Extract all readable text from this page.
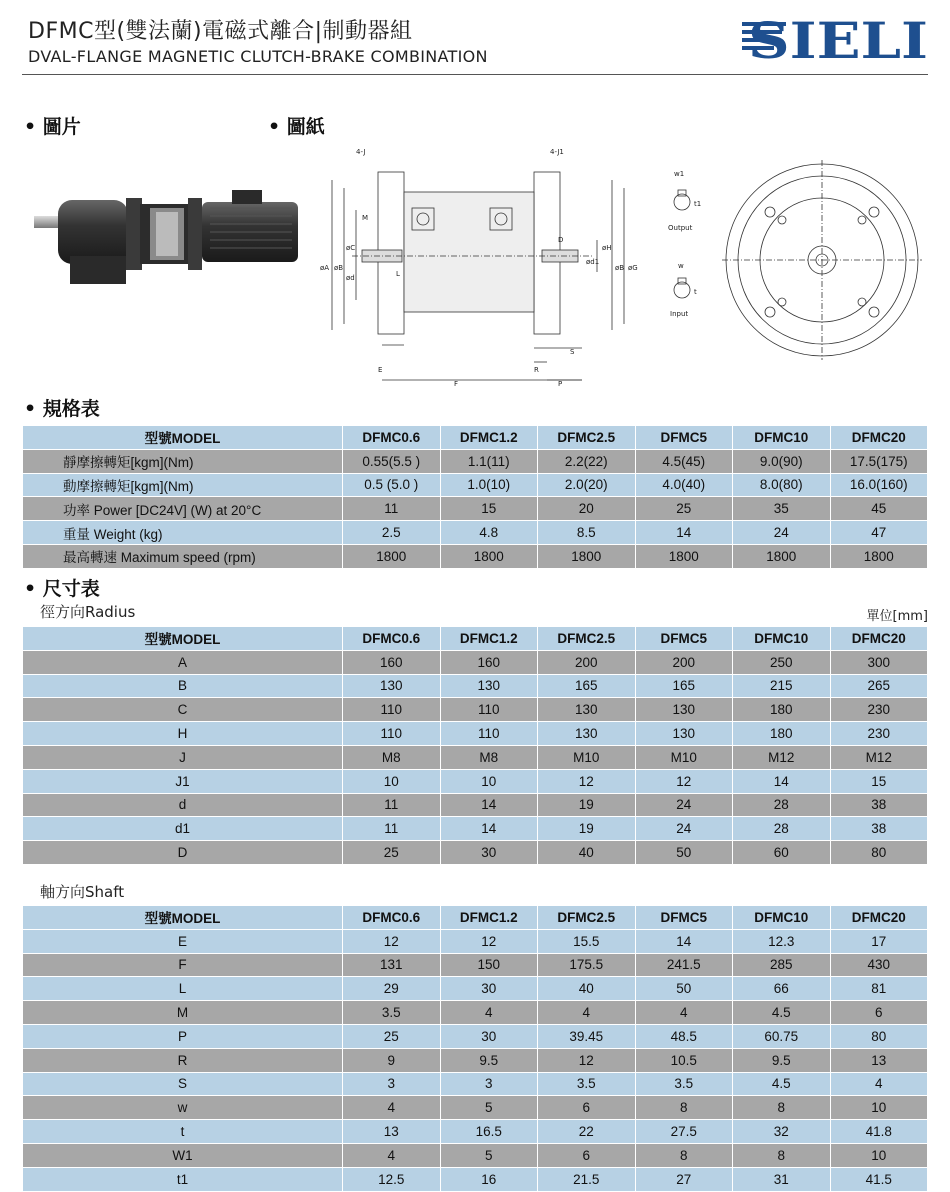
DFMC型(雙法蘭)電磁式離合|制動器組
DVAL-FLANGE MAGNETIC CLUTCH-BRAKE COMBINATION	SIELI
• 圖片	• 圖紙
4-J	4-J1
M
L
D
E
F
R
P
S
øA øB
øC
ød
ød1
øH
øB øG
w1
t1
Output
w
t
Input
• 規格表
型號MODEL	DFMC0.6	DFMC1.2	DFMC2.5	DFMC5	DFMC10	DFMC20
靜摩擦轉矩[kgm](Nm)	0.55(5.5 )	1.1(11)	2.2(22)	4.5(45)	9.0(90)	17.5(175)
動摩擦轉矩[kgm](Nm)	0.5 (5.0 )	1.0(10)	2.0(20)	4.0(40)	8.0(80)	16.0(160)
功率 Power [DC24V] (W) at 20°C	11	15	20	25	35	45
重量 Weight (kg)	2.5	4.8	8.5	14	24	47
最高轉速 Maximum speed (rpm)	1800	1800	1800	1800	1800	1800
• 尺寸表
徑方向Radius	單位[mm]
型號MODEL	DFMC0.6	DFMC1.2	DFMC2.5	DFMC5	DFMC10	DFMC20
A	160	160	200	200	250	300
B	130	130	165	165	215	265
C	110	110	130	130	180	230
H	110	110	130	130	180	230
J	M8	M8	M10	M10	M12	M12
J1	10	10	12	12	14	15
d	11	14	19	24	28	38
d1	11	14	19	24	28	38
D	25	30	40	50	60	80
軸方向Shaft
型號MODEL	DFMC0.6	DFMC1.2	DFMC2.5	DFMC5	DFMC10	DFMC20
E	12	12	15.5	14	12.3	17
F	131	150	175.5	241.5	285	430
L	29	30	40	50	66	81
M	3.5	4	4	4	4.5	6
P	25	30	39.45	48.5	60.75	80
R	9	9.5	12	10.5	9.5	13
S	3	3	3.5	3.5	4.5	4
w	4	5	6	8	8	10
t	13	16.5	22	27.5	32	41.8
W1	4	5	6	8	8	10
t1	12.5	16	21.5	27	31	41.5
